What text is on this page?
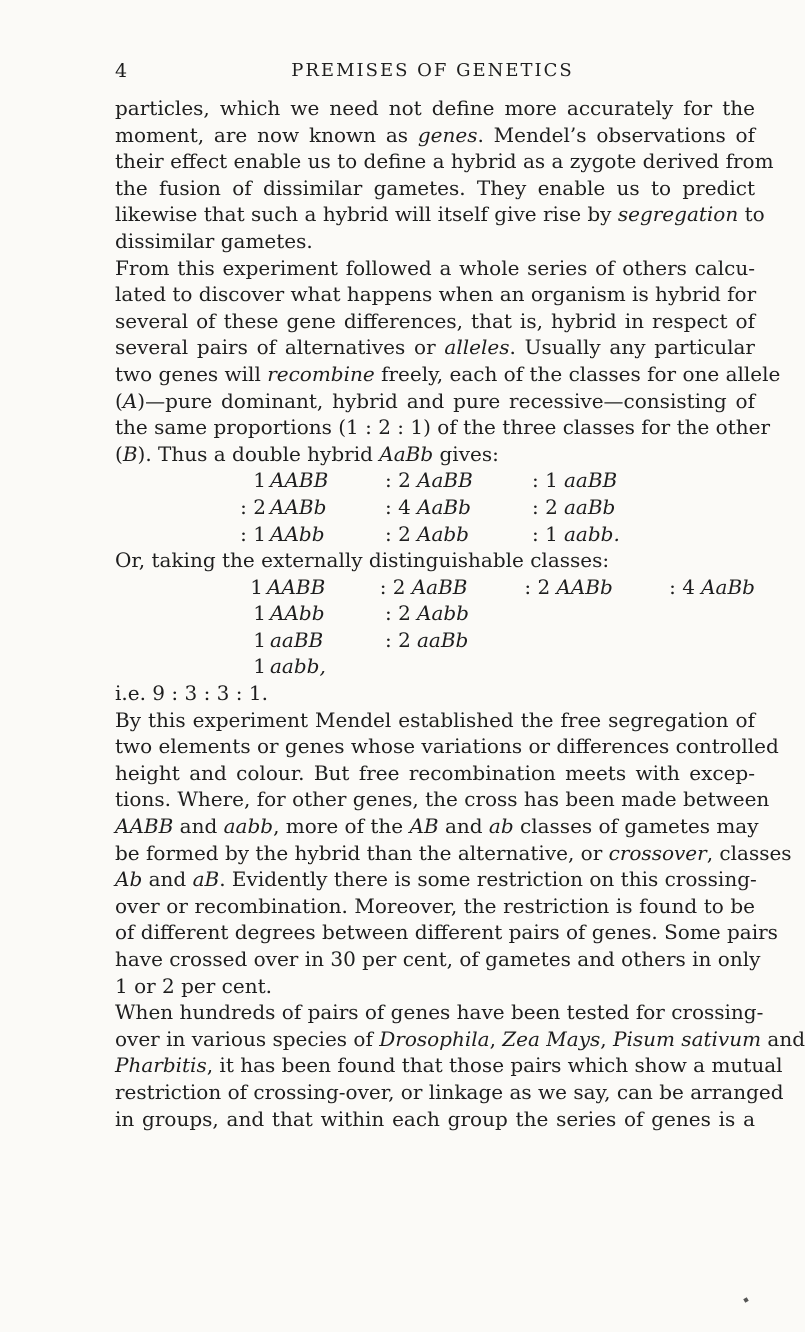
4	PREMISES OF GENETICS
particles, which we need not define more accurately for the
moment, are now known as genes. Mendel’s observations of
their effect enable us to define a hybrid as a zygote derived from
the fusion of dissimilar gametes. They enable us to predict
likewise that such a hybrid will itself give rise by segregation to
dissimilar gametes.
From this experiment followed a whole series of others calcu-
lated to discover what happens when an organism is hybrid for
several of these gene differences, that is, hybrid in respect of
several pairs of alternatives or alleles. Usually any particular
two genes will recombine freely, each of the classes for one allele
(A)—pure dominant, hybrid and pure recessive—consisting of
the same proportions (1 : 2 : 1) of the three classes for the other
(B). Thus a double hybrid AaBb gives:
1 AABB	: 2 AaBB	: 1 aaBB
: 2 AABb	: 4 AaBb	: 2 aaBb
: 1 AAbb	: 2 Aabb	: 1 aabb.
Or, taking the externally distinguishable classes:
1 AABB	: 2 AaBB	: 2 AABb	: 4 AaBb
1 AAbb	: 2 Aabb
1 aaBB	: 2 aaBb
1 aabb,
i.e. 9 : 3 : 3 : 1.
By this experiment Mendel established the free segregation of
two elements or genes whose variations or differences controlled
height and colour. But free recombination meets with excep-
tions. Where, for other genes, the cross has been made between
AABB and aabb, more of the AB and ab classes of gametes may
be formed by the hybrid than the alternative, or crossover, classes
Ab and aB. Evidently there is some restriction on this crossing-
over or recombination. Moreover, the restriction is found to be
of different degrees between different pairs of genes. Some pairs
have crossed over in 30 per cent, of gametes and others in only
1 or 2 per cent.
When hundreds of pairs of genes have been tested for crossing-
over in various species of Drosophila, Zea Mays, Pisum sativum and
Pharbitis, it has been found that those pairs which show a mutual
restriction of crossing-over, or linkage as we say, can be arranged
in groups, and that within each group the series of genes is a
